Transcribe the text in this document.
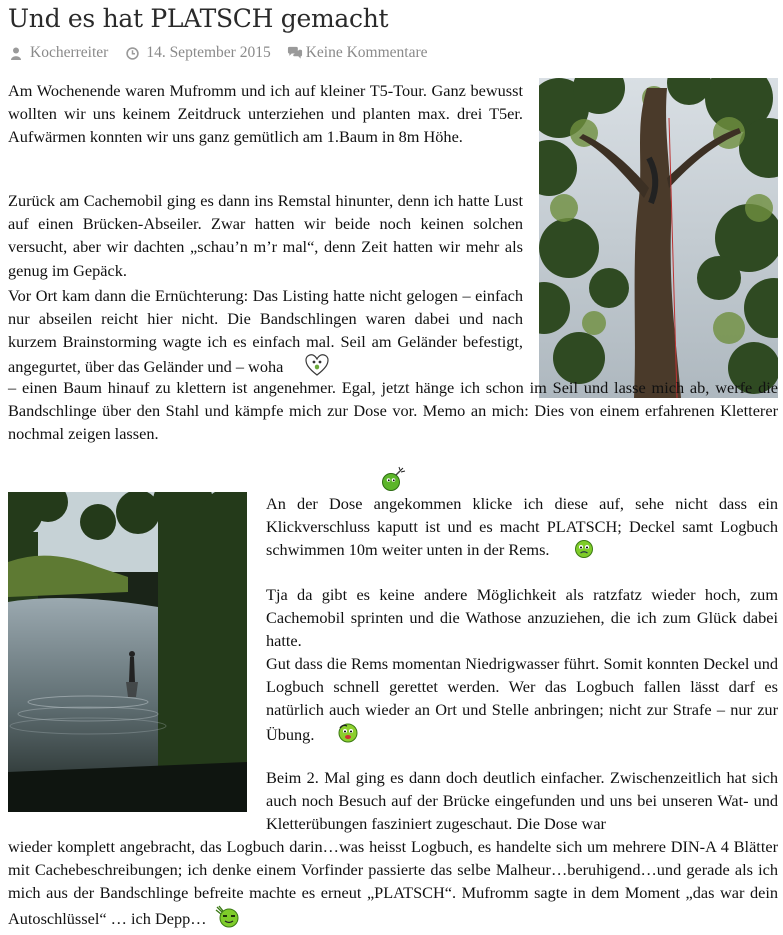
Und es hat PLATSCH gemacht
Kocherreiter 14. September 2015 Keine Kommentare

Am Wochenende waren Mufromm und ich auf kleiner T5-Tour. Ganz bewusst wollten wir uns keinem Zeitdruck unterziehen und planten max. drei T5er. Aufwärmen konnten wir uns ganz gemütlich am 1.Baum in 8m Höhe.

Zurück am Cachemobil ging es dann ins Remstal hinunter, denn ich hatte Lust auf einen Brücken-Abseiler. Zwar hatten wir beide noch keinen solchen versucht, aber wir dachten „schau’n m’r mal“, denn Zeit hatten wir mehr als genug im Gepäck.

Vor Ort kam dann die Ernüchterung: Das Listing hatte nicht gelogen – einfach nur abseilen reicht hier nicht. Die Bandschlingen waren dabei und nach kurzem Brainstorming wagte ich es einfach mal. Seil am Geländer befestigt, angegurtet, über das Geländer und – woha

– einen Baum hinauf zu klettern ist angenehmer. Egal, jetzt hänge ich schon im Seil und lasse mich ab, werfe die Bandschlinge über den Stahl und kämpfe mich zur Dose vor. Memo an mich: Dies von einem erfahrenen Kletterer nochmal zeigen lassen.

An der Dose angekommen klicke ich diese auf, sehe nicht dass ein Klickverschluss kaputt ist und es macht PLATSCH; Deckel samt Logbuch schwimmen 10m weiter unten in der Rems.

Tja da gibt es keine andere Möglichkeit als ratzfatz wieder hoch, zum Cachemobil sprinten und die Wathose anzuziehen, die ich zum Glück dabei hatte.

Gut dass die Rems momentan Niedrigwasser führt. Somit konnten Deckel und Logbuch schnell gerettet werden. Wer das Logbuch fallen lässt darf es natürlich auch wieder an Ort und Stelle anbringen; nicht zur Strafe – nur zur Übung.

Beim 2. Mal ging es dann doch deutlich einfacher. Zwischenzeitlich hat sich auch noch Besuch auf der Brücke eingefunden und uns bei unseren Wat- und Kletterübungen fasziniert zugeschaut. Die Dose war

wieder komplett angebracht, das Logbuch darin…was heisst Logbuch, es handelte sich um mehrere DIN-A 4 Blätter mit Cachebeschreibungen; ich denke einem Vorfinder passierte das selbe Malheur…beruhigend…und gerade als ich mich aus der Bandschlinge befreite machte es erneut „PLATSCH“. Mufromm sagte in dem Moment „das war dein Autoschlüssel“ … ich Depp…
